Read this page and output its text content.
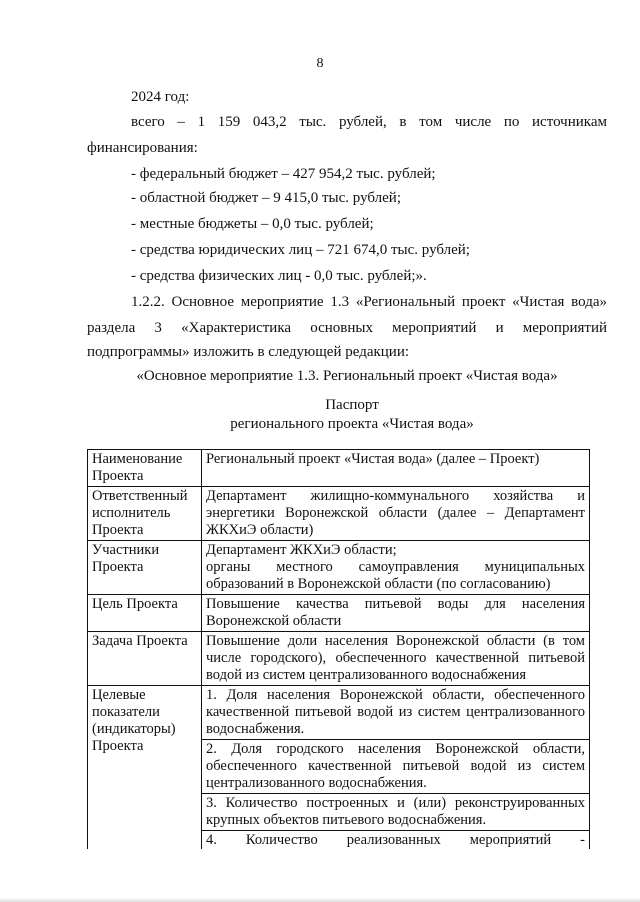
8
2024 год:
всего – 1 159 043,2 тыс. рублей, в том числе по источникам
финансирования:
- федеральный бюджет – 427 954,2 тыс. рублей;
- областной бюджет – 9 415,0 тыс. рублей;
- местные бюджеты – 0,0 тыс. рублей;
- средства юридических лиц – 721 674,0 тыс. рублей;
- средства физических лиц - 0,0 тыс. рублей;».
1.2.2. Основное мероприятие 1.3 «Региональный проект «Чистая вода»
раздела 3 «Характеристика основных мероприятий и мероприятий
подпрограммы» изложить в следующей редакции:
«Основное мероприятие 1.3. Региональный проект «Чистая вода»
Паспорт
регионального проекта «Чистая вода»
Наименование Проекта	Региональный проект «Чистая вода» (далее – Проект)
Ответственный исполнитель Проекта	Департамент жилищно-коммунального хозяйства и энергетики Воронежской области (далее – Департамент ЖКХиЭ области)
Участники Проекта	Департамент ЖКХиЭ области;
органы местного самоуправления муниципальных образований в Воронежской области (по согласованию)

Цель Проекта	Повышение качества питьевой воды для населения Воронежской области
Задача Проекта	Повышение доли населения Воронежской области (в том числе городского), обеспеченного качественной питьевой водой из систем централизованного водоснабжения
Целевые показатели (индикаторы) Проекта	1. Доля населения Воронежской области, обеспеченного качественной питьевой водой из систем централизованного водоснабжения.
2. Доля городского населения Воронежской области, обеспеченного качественной питьевой водой из систем централизованного водоснабжения.
3. Количество построенных и (или) реконструированных крупных объектов питьевого водоснабжения.
4. Количество реализованных мероприятий -
